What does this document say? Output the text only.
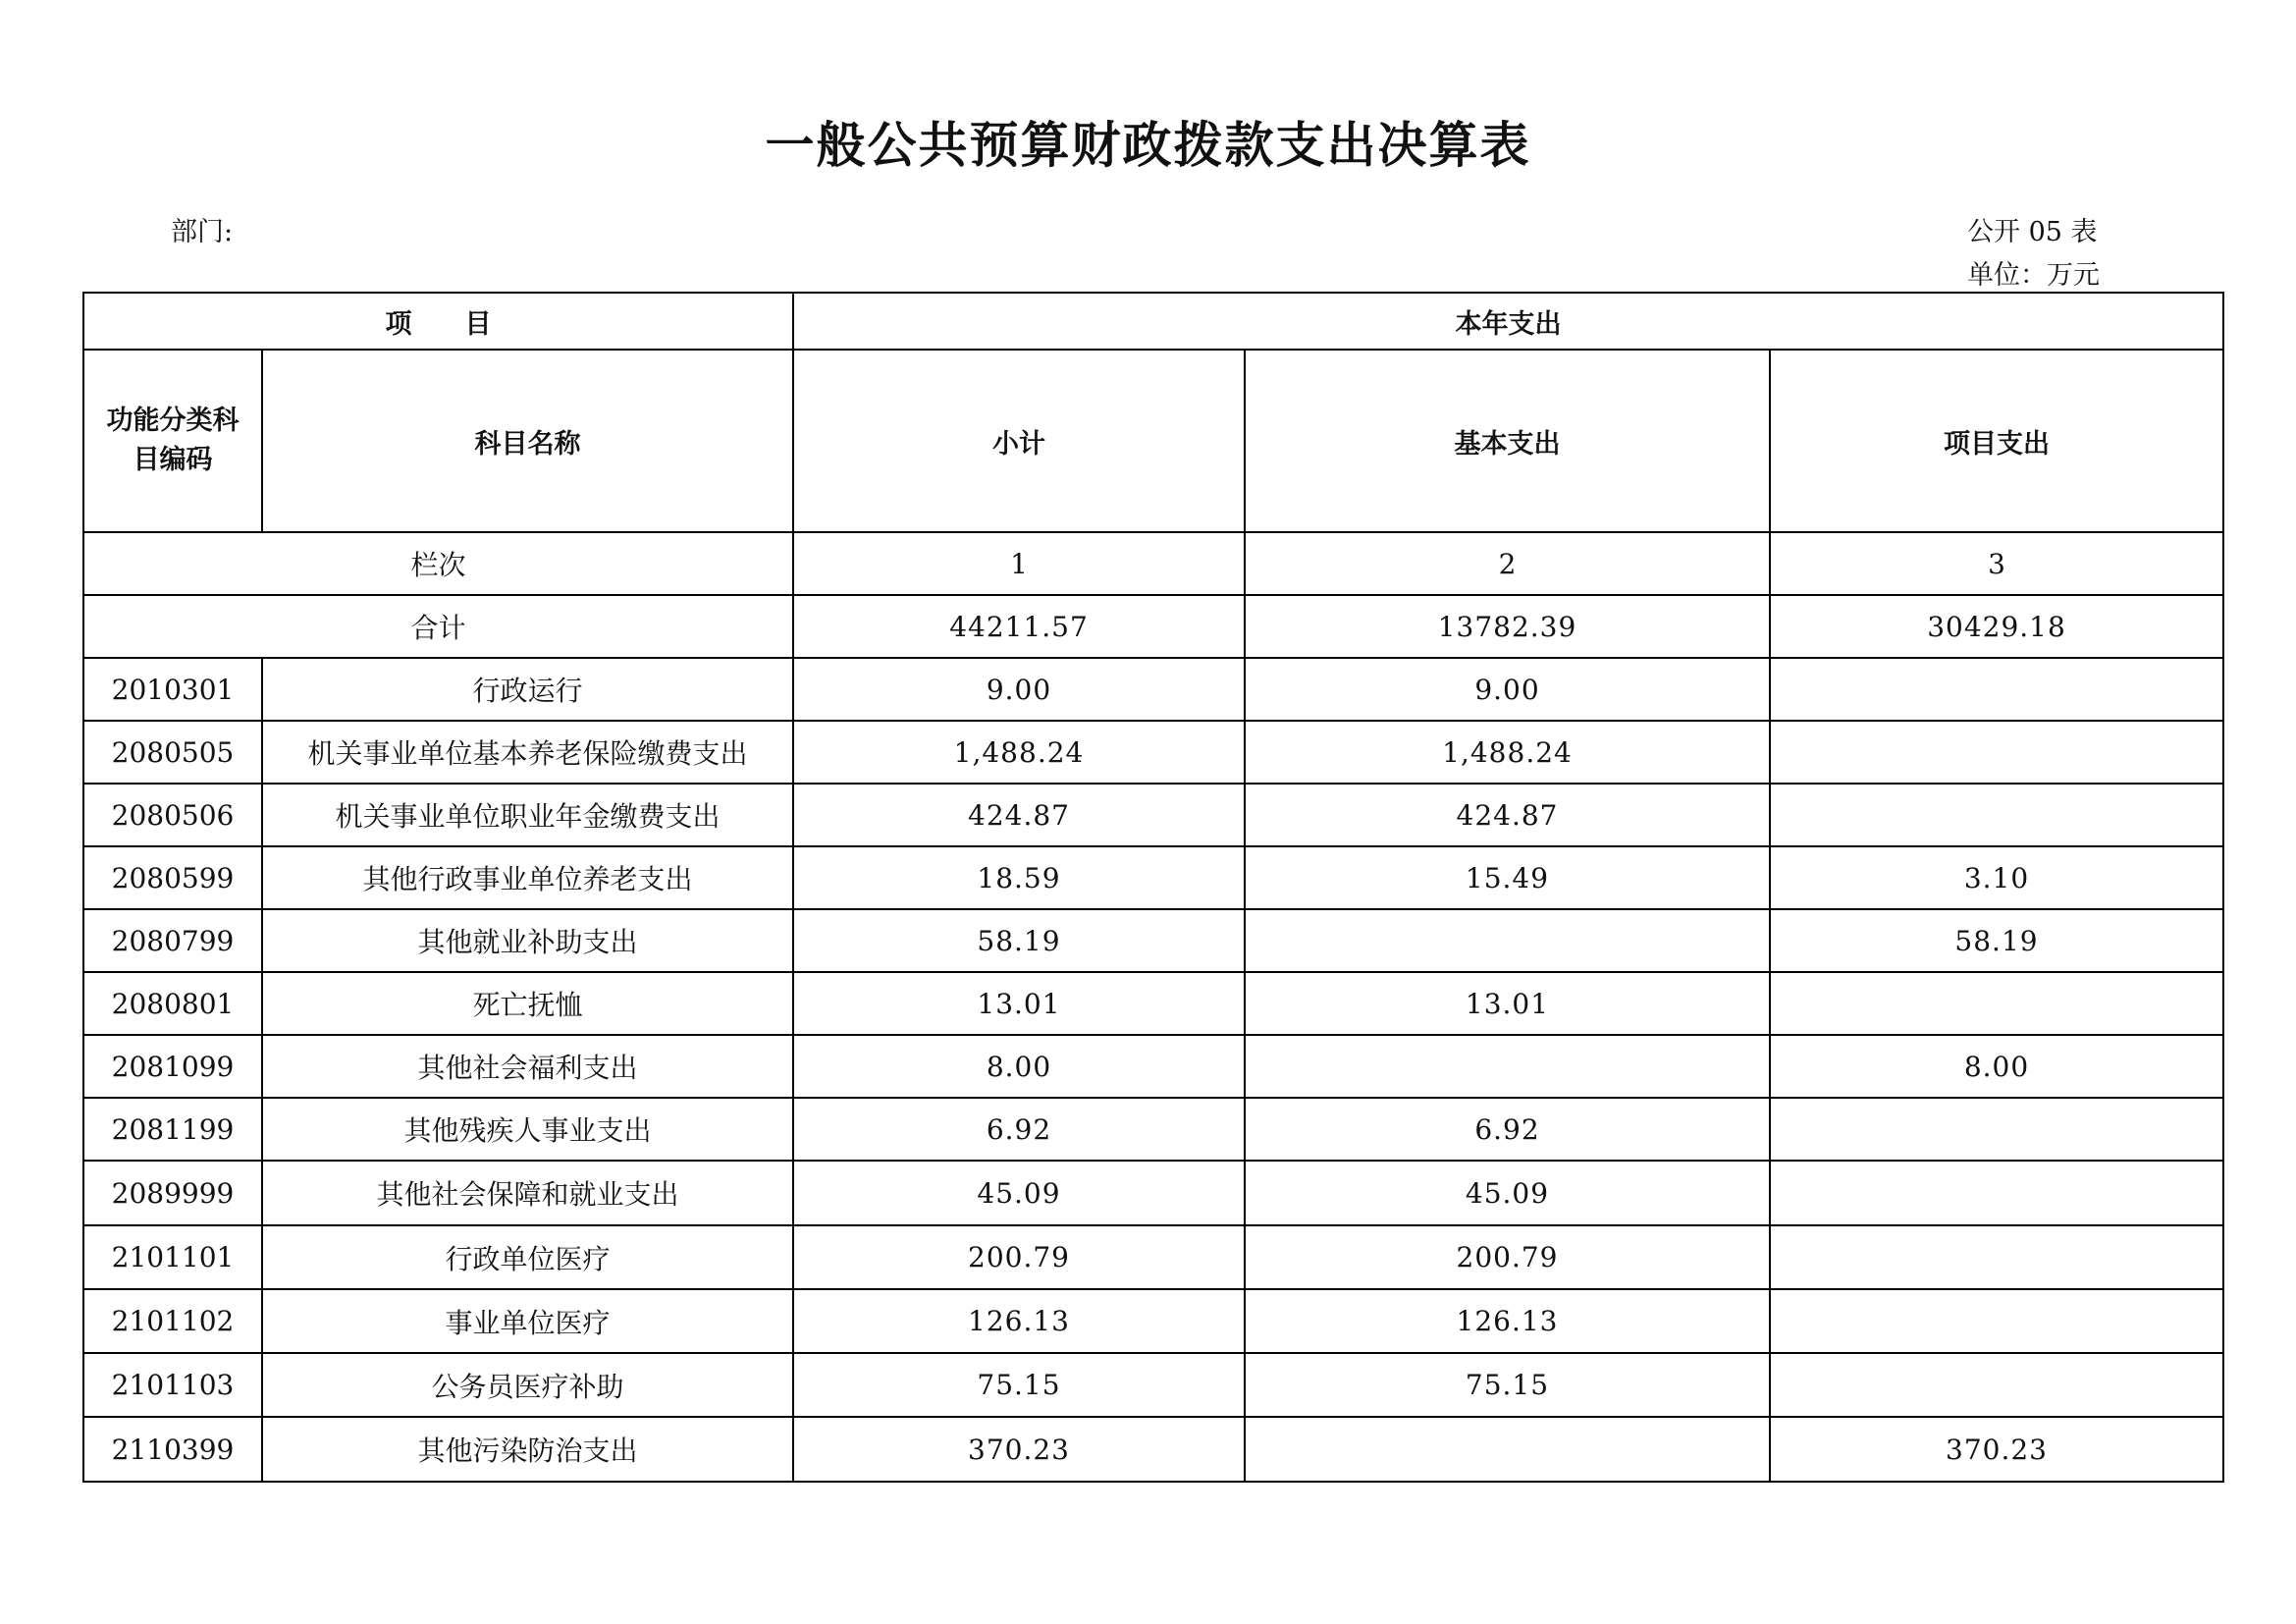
一般公共预算财政拨款支出决算表
部门:	公开 05 表
单位：万元
项　　目		本年支出		
功能分类科目编码	科目名称	小计	基本支出	项目支出
栏次		1	2	3
合计		44211.57	13782.39	30429.18
2010301	行政运行	9.00	9.00	
2080505	机关事业单位基本养老保险缴费支出	1,488.24	1,488.24	
2080506	机关事业单位职业年金缴费支出	424.87	424.87	
2080599	其他行政事业单位养老支出	18.59	15.49	3.10
2080799	其他就业补助支出	58.19		58.19
2080801	死亡抚恤	13.01	13.01	
2081099	其他社会福利支出	8.00		8.00
2081199	其他残疾人事业支出	6.92	6.92	
2089999	其他社会保障和就业支出	45.09	45.09	
2101101	行政单位医疗	200.79	200.79	
2101102	事业单位医疗	126.13	126.13	
2101103	公务员医疗补助	75.15	75.15	
2110399	其他污染防治支出	370.23		370.23
